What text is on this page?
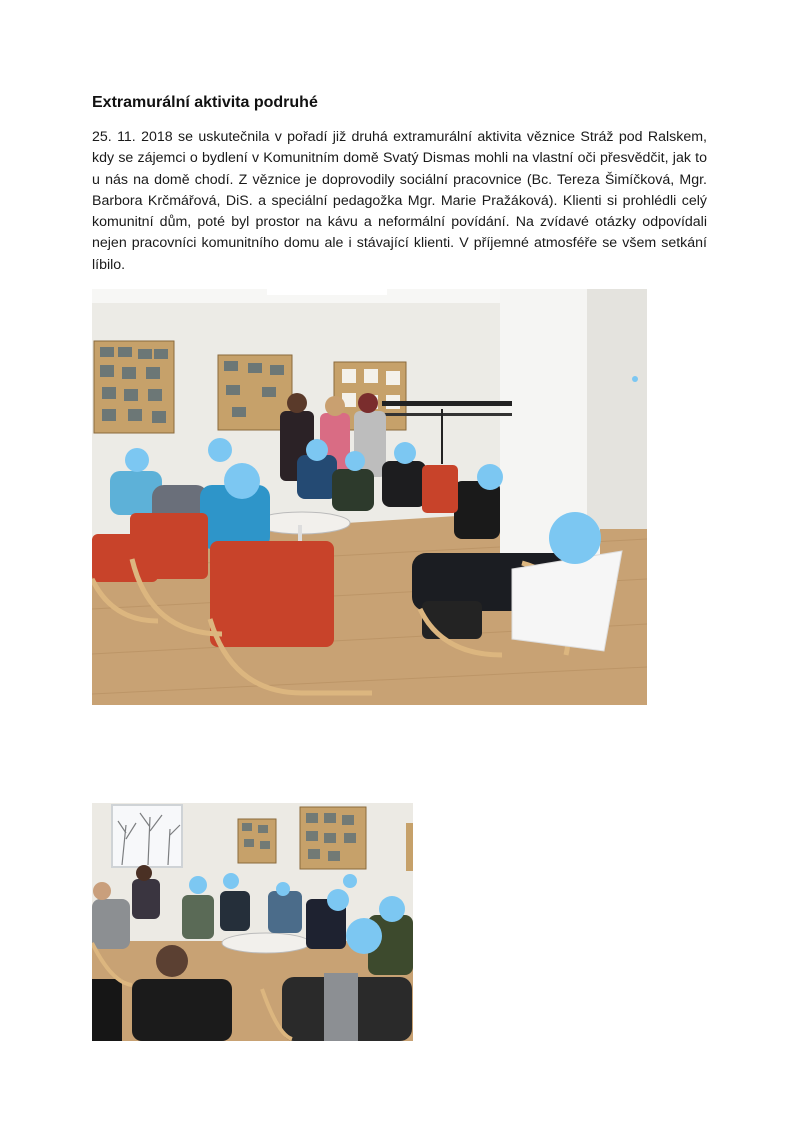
Extramurální aktivita podruhé

25. 11. 2018 se uskutečnila v pořadí již druhá extramurální aktivita věznice Stráž pod Ralskem, kdy se zájemci o bydlení v Komunitním domě Svatý Dismas mohli na vlastní oči přesvědčit, jak to u nás na domě chodí. Z věznice je doprovodily sociální pracovnice (Bc. Tereza Šimíčková, Mgr. Barbora Krčmářová, DiS. a speciální pedagožka Mgr. Marie Pražáková). Klienti si prohlédli celý komunitní dům, poté byl prostor na kávu a neformální povídání. Na zvídavé otázky odpovídali nejen pracovníci komunitního domu ale i stávající klienti. V příjemné atmosféře se všem setkání líbilo.
